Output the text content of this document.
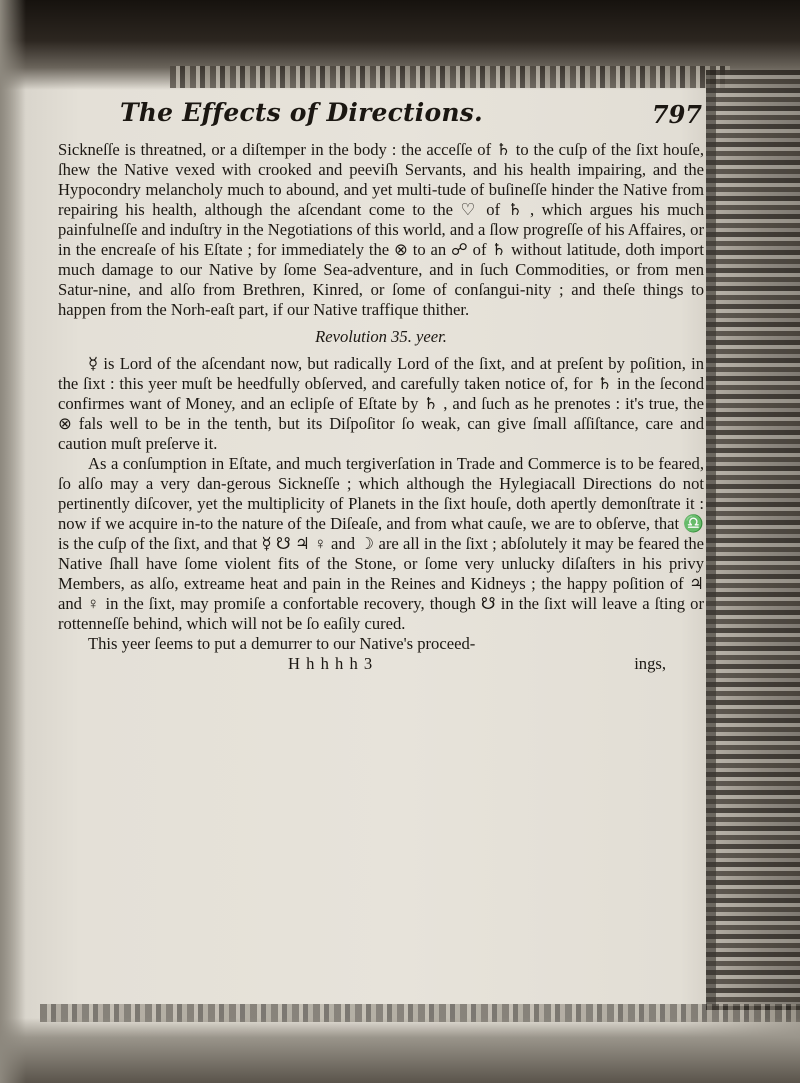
The Effects of Directions.	797

Sickneſſe is threatned, or a diſtemper in the body : the acceſſe of ♄ to the cuſp of the ſixt houſe, ſhew the Native vexed with crooked and peeviſh Servants, and his health impairing, and the Hypocondry melancholy much to abound, and yet multi-tude of buſineſſe hinder the Native from repairing his health, although the aſcendant come to the ♡ of ♄ , which argues his much painfulneſſe and induſtry in the Negotiations of this world, and a ſlow progreſſe of his Affaires, or in the encreaſe of his Eſtate ; for immediately the ⊗ to an ☍ of ♄ without latitude, doth import much damage to our Native by ſome Sea-adventure, and in ſuch Commodities, or from men Satur-nine, and alſo from Brethren, Kinred, or ſome of conſangui-nity ; and theſe things to happen from the Norh-eaſt part, if our Native traffique thither.

Revolution 35. yeer.

☿ is Lord of the aſcendant now, but radically Lord of the ſixt, and at preſent by poſition, in the ſixt : this yeer muſt be heedfully obſerved, and carefully taken notice of, for ♄ in the ſecond confirmes want of Money, and an eclipſe of Eſtate by ♄ , and ſuch as he prenotes : it's true, the ⊗ fals well to be in the tenth, but its Diſpoſitor ſo weak, can give ſmall aſſiſtance, care and caution muſt preſerve it.

As a conſumption in Eſtate, and much tergiverſation in Trade and Commerce is to be feared, ſo alſo may a very dan-gerous Sickneſſe ; which although the Hylegiacall Directions do not pertinently diſcover, yet the multiplicity of Planets in the ſixt houſe, doth apertly demonſtrate it : now if we acquire in-to the nature of the Diſeaſe, and from what cauſe, we are to obſerve, that ♎ is the cuſp of the ſixt, and that ☿ ☋ ♃ ♀ and ☽ are all in the ſixt ; abſolutely it may be feared the Native ſhall have ſome violent fits of the Stone, or ſome very unlucky diſaſters in his privy Members, as alſo, extreame heat and pain in the Reines and Kidneys ; the happy poſition of ♃ and ♀ in the ſixt, may promiſe a confortable recovery, though ☋ in the ſixt will leave a ſting or rottenneſſe behind, which will not be ſo eaſily cured.

This yeer ſeems to put a demurrer to our Native's proceed-

H h h h h 3	ings,
